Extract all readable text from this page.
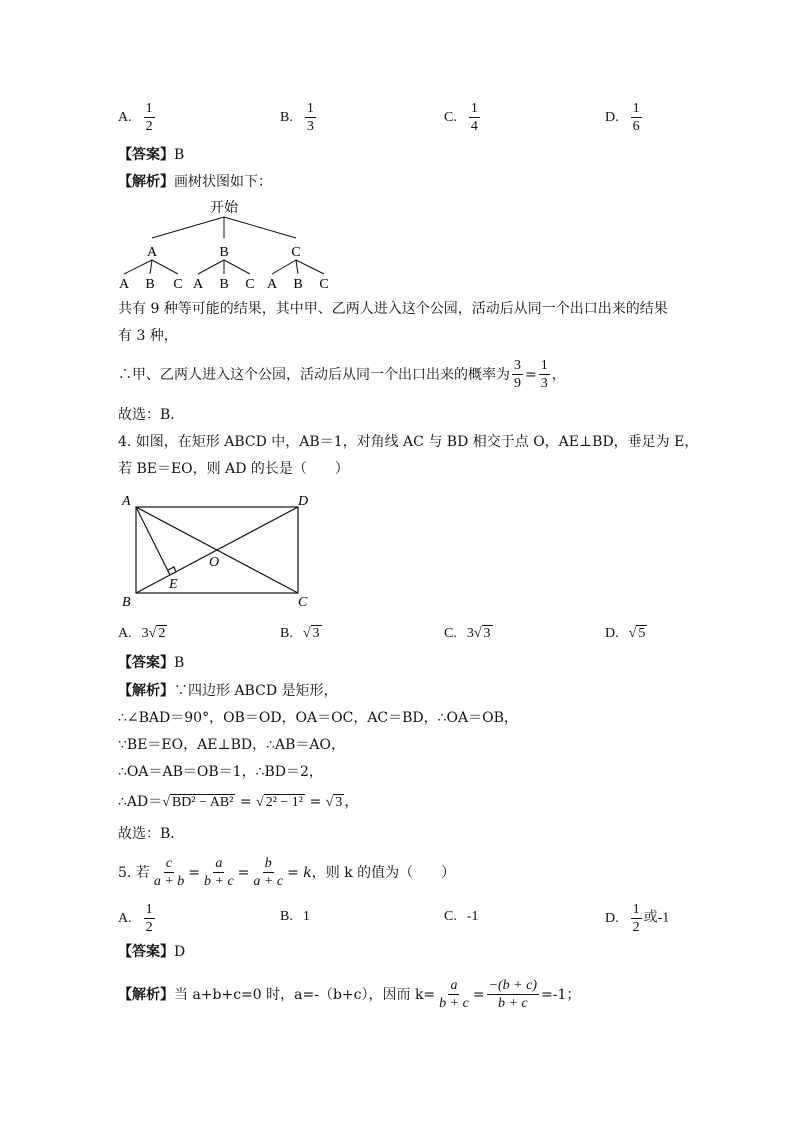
A. $\frac{1}{2}$	B. $\frac{1}{3}$	C. $\frac{1}{4}$	D. $\frac{1}{6}$
【答案】B
【解析】画树状图如下：
开始
A	B	C
A B C A B C A B C
共有 9 种等可能的结果，其中甲、乙两人进入这个公园，活动后从同一个出口出来的结果
有 3 种，
∴甲、乙两人进入这个公园，活动后从同一个出口出来的概率为 $\frac{3}{9} = \frac{1}{3}$ ，
故选：B．
4. 如图，在矩形 ABCD 中，AB＝1，对角线 AC 与 BD 相交于点 O，AE⊥BD，垂足为 E，
若 BE＝EO，则 AD 的长是（　　）
A	D
B	C
E
O
A. 3√ 2	B. √ 3	C. 3√ 3	D. √ 5
【答案】B
【解析】∵四边形 ABCD 是矩形，
∴∠BAD＝90°，OB＝OD，OA＝OC，AC＝BD，∴OA＝OB，
∵BE＝EO，AE⊥BD，∴AB＝AO，
∴OA＝AB＝OB＝1，∴BD＝2，
∴AD＝√ BD² − AB² = √ 2² − 1² = √ 3 ，
故选：B．
5. 若 $\frac{c}{a + b} = \frac{a}{b + c} = \frac{b}{a + c} = k$ ，则 k 的值为（　　）
A. $\frac{1}{2}$	B. 1	C. -1	D. $\frac{1}{2}$ 或-1
【答案】D
【解析】 当 a+b+c=0 时，a=-（b+c），因而 $k= \frac{a}{b + c} = \frac{-(b + c)}{b + c} =-1$；
